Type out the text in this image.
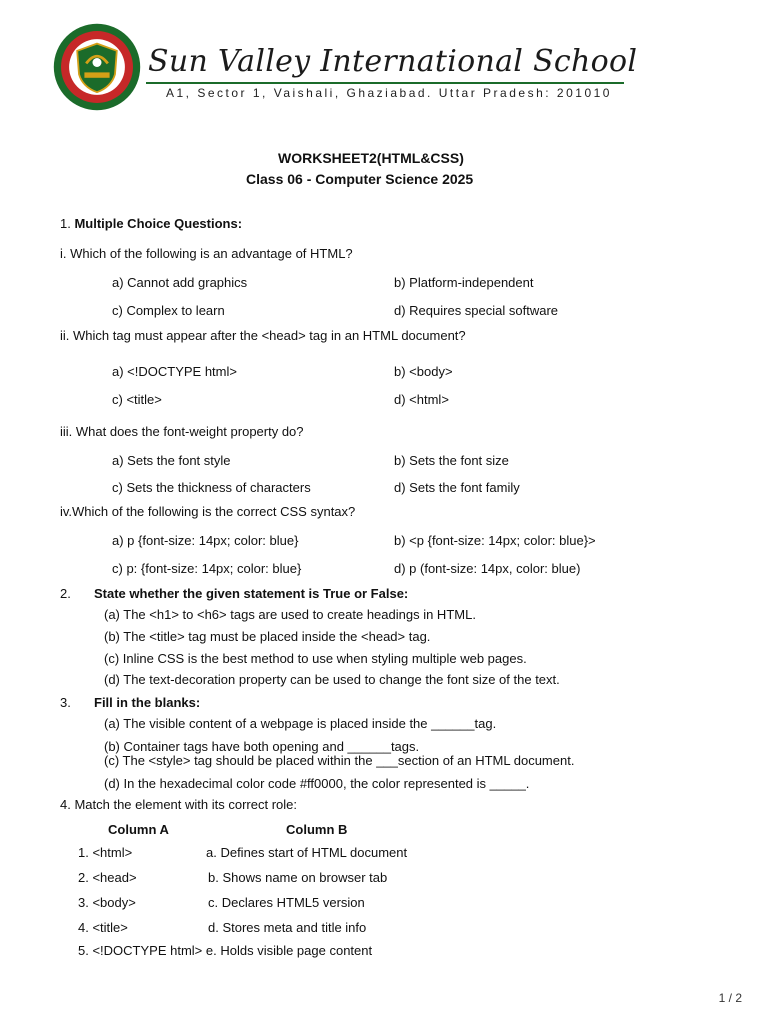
Sun Valley International School
A1, Sector 1, Vaishali, Ghaziabad. Uttar Pradesh: 201010
WORKSHEET2(HTML&CSS)
Class 06 - Computer Science 2025
1. Multiple Choice Questions:
i. Which of the following is an advantage of HTML?
a) Cannot add graphics	b) Platform-independent
c) Complex to learn	d) Requires special software
ii. Which tag must appear after the <head> tag in an HTML document?
a) <!DOCTYPE html>	b) <body>
c) <title>	d) <html>
iii. What does the font-weight property do?
a) Sets the font style	b) Sets the font size
c) Sets the thickness of characters	d) Sets the font family
iv.Which of the following is the correct CSS syntax?
a) p {font-size: 14px; color: blue}	b) <p {font-size: 14px; color: blue}>
c) p: {font-size: 14px; color: blue}	d) p (font-size: 14px, color: blue)
2. State whether the given statement is True or False:
(a) The <h1> to <h6> tags are used to create headings in HTML.
(b) The <title> tag must be placed inside the <head> tag.
(c) Inline CSS is the best method to use when styling multiple web pages.
(d) The text-decoration property can be used to change the font size of the text.
3. Fill in the blanks:
(a) The visible content of a webpage is placed inside the ______tag.
(b) Container tags have both opening and ______tags.
(c) The <style> tag should be placed within the ___section of an HTML document.
(d) In the hexadecimal color code #ff0000, the color represented is _____.
4. Match the element with its correct role:
Column A	Column B
1. <html>	a. Defines start of HTML document
2. <head>	b. Shows name on browser tab
3. <body>	c. Declares HTML5 version
4. <title>	d. Stores meta and title info
5. <!DOCTYPE html> e. Holds visible page content
1 / 2
